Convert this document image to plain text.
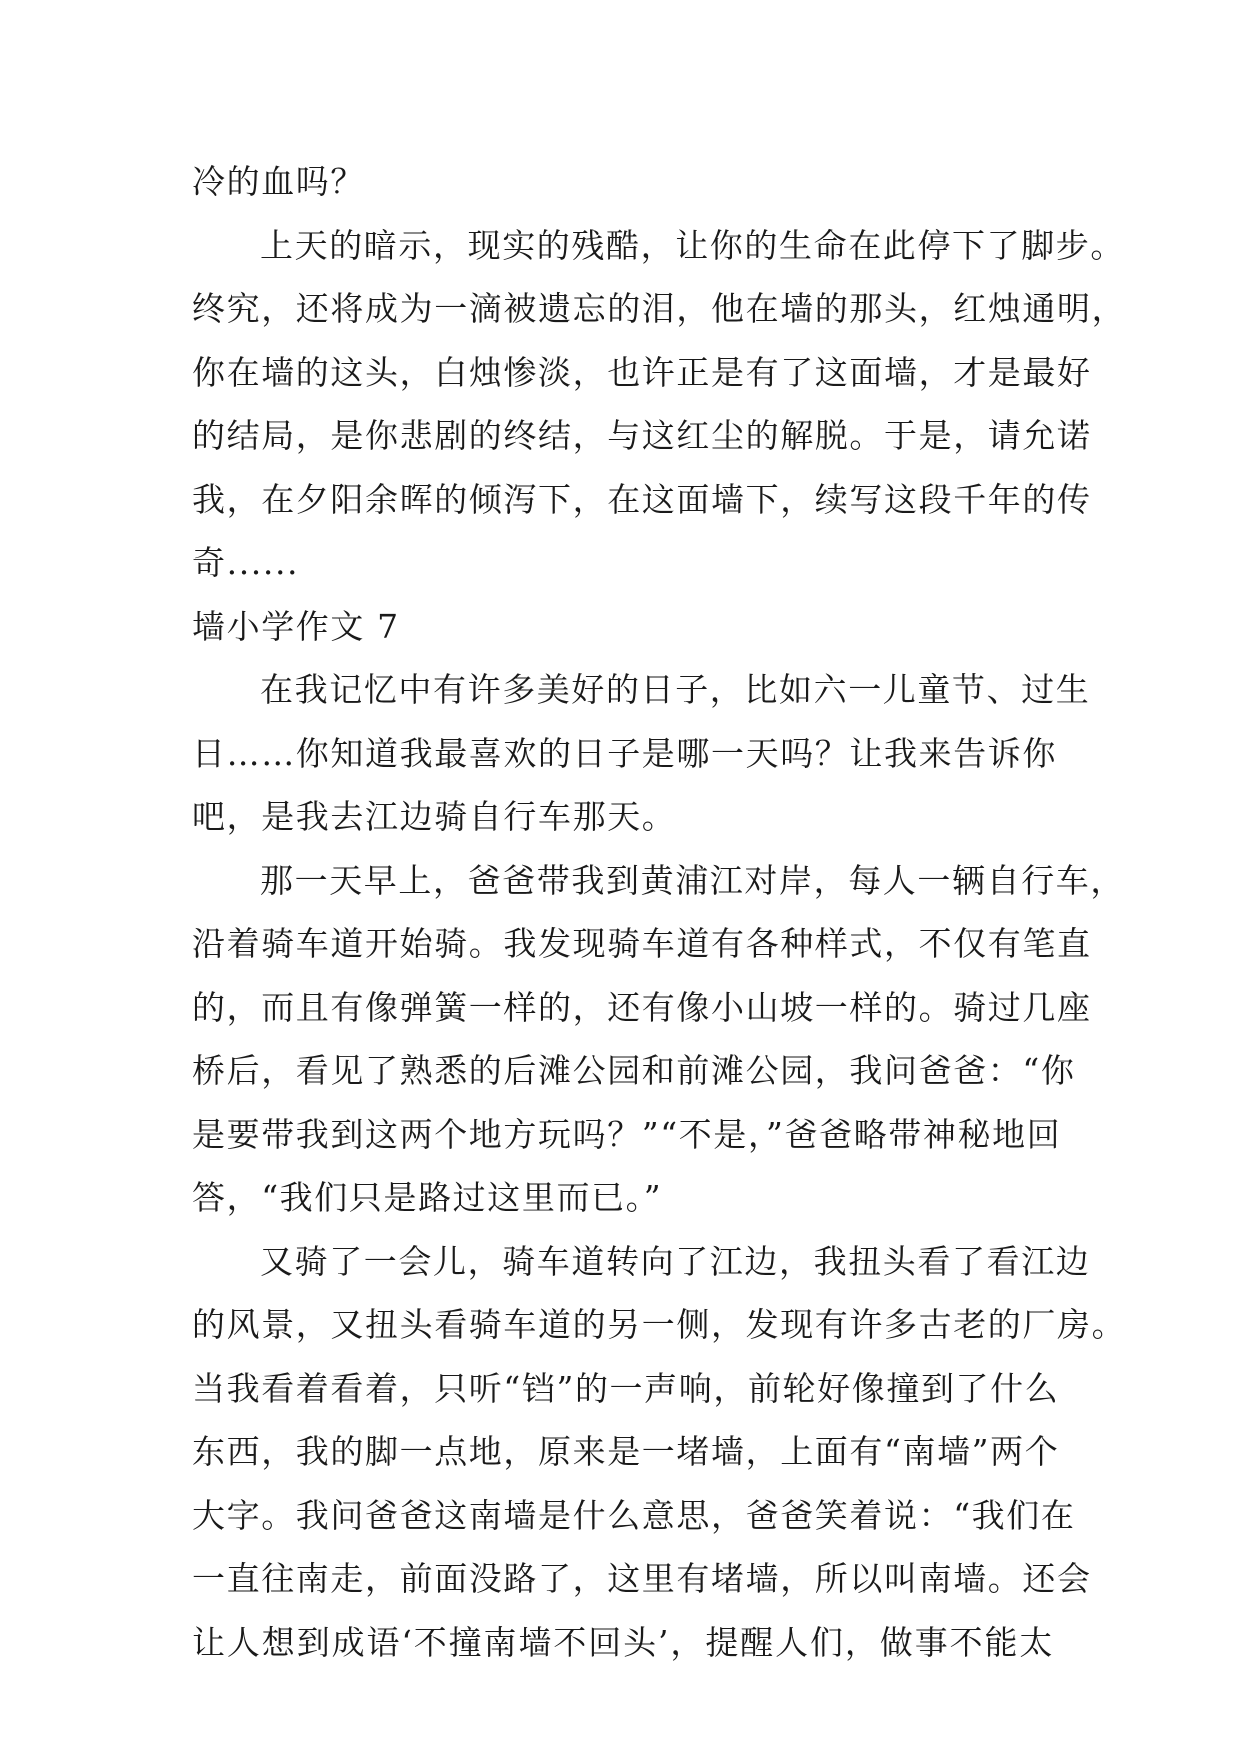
冷的血吗？
上天的暗示，现实的残酷，让你的生命在此停下了脚步。
终究，还将成为一滴被遗忘的泪，他在墙的那头，红烛通明，
你在墙的这头，白烛惨淡，也许正是有了这面墙，才是最好
的结局，是你悲剧的终结，与这红尘的解脱。于是，请允诺
我，在夕阳余晖的倾泻下，在这面墙下，续写这段千年的传
奇......
墙小学作文 7
在我记忆中有许多美好的日子，比如六一儿童节、过生
日……你知道我最喜欢的日子是哪一天吗？让我来告诉你
吧，是我去江边骑自行车那天。
那一天早上，爸爸带我到黄浦江对岸，每人一辆自行车，
沿着骑车道开始骑。我发现骑车道有各种样式，不仅有笔直
的，而且有像弹簧一样的，还有像小山坡一样的。骑过几座
桥后，看见了熟悉的后滩公园和前滩公园，我问爸爸：“你
是要带我到这两个地方玩吗？”“不是，”爸爸略带神秘地回
答，“我们只是路过这里而已。”
又骑了一会儿，骑车道转向了江边，我扭头看了看江边
的风景，又扭头看骑车道的另一侧，发现有许多古老的厂房。
当我看着看着，只听“铛”的一声响，前轮好像撞到了什么
东西，我的脚一点地，原来是一堵墙，上面有“南墙”两个
大字。我问爸爸这南墙是什么意思，爸爸笑着说：“我们在
一直往南走，前面没路了，这里有堵墙，所以叫南墙。还会
让人想到成语‘不撞南墙不回头’，提醒人们，做事不能太
